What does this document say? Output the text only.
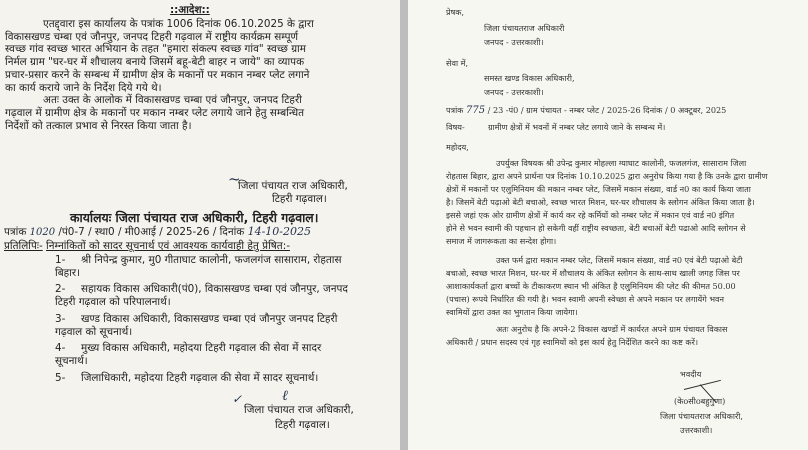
::आदेश::
एतद्द्वारा इस कार्यालय के पत्रांक 1006 दिनांक 06.10.2025 के द्वारा
विकासखण्ड चम्बा एवं जौनपुर, जनपद टिहरी गढ़वाल में राष्ट्रीय कार्यक्रम सम्पूर्ण
स्वच्छ गांव स्वच्छ भारत अभियान के तहत "हमारा संकल्प स्वच्छ गांव" स्वच्छ ग्राम
निर्मल ग्राम "घर-घर में शौचालय बनाये जिसमें बहू-बेटी बाहर न जाये" का व्यापक
प्रचार-प्रसार करने के सम्बन्ध में ग्रामीण क्षेत्र के मकानों पर मकान नम्बर प्लेट लगाने
का कार्य कराये जाने के निर्देश दिये गये थे।
अतः उक्त के आलोक में विकासखण्ड चम्बा एवं जौनपुर, जनपद टिहरी
गढ़वाल में ग्रामीण क्षेत्र के मकानों पर मकान नम्बर प्लेट लगाये जाने हेतु सम्बन्धित
निर्देशों को तत्काल प्रभाव से निरस्त किया जाता है।
~
जिला पंचायत राज अधिकारी,
टिहरी गढ़वाल।
कार्यालयः जिला पंचायत राज अधिकारी, टिहरी गढ़वाल।
पत्रांक 1020 /पं0-7 / स्था0 / मी0आई / 2025-26 / दिनांक 14-10-2025
प्रतिलिपिः- निम्नांकितों को सादर सूचनार्थ एवं आवश्यक कार्यवाही हेतु प्रेषित:-
1- श्री निपेन्द्र कुमार, मु0 गीताघाट कालोनी, फजलगंज सासाराम, रोहतास
बिहार।
2- सहायक विकास अधिकारी(पं0), विकासखण्ड चम्बा एवं जौनपुर, जनपद
टिहरी गढ़वाल को परिपालनार्थ।
3- खण्ड विकास अधिकारी, विकासखण्ड चम्बा एवं जौनपुर जनपद टिहरी
गढ़वाल को सूचनार्थ।
4- मुख्य विकास अधिकारी, महोदया टिहरी गढ़वाल की सेवा में सादर
सूचनार्थ।
5- जिलाधिकारी, महोदया टिहरी गढ़वाल की सेवा में सादर सूचनार्थ।
✓	ℓ
जिला पंचायत राज अधिकारी,
टिहरी गढ़वाल।
प्रेषक,
जिला पंचायतराज अधिकारी
जनपद - उत्तरकाशी।
सेवा में,
समस्त खण्ड विकास अधिकारी,
जनपद - उत्तरकाशी।
पत्रांक 775 / 23 -पं0 / ग्राम पंचायत - नम्बर प्लेट / 2025-26 दिनांक / 0 अक्टूबर, 2025
विषय-	ग्रामीण क्षेत्रों में भवनों में नम्बर प्लेट लगाये जाने के सम्बन्ध में।
महोदय,
उपर्युक्त विषयक श्री उपेन्द्र कुमार मोहल्ला ग्याघाट कालोनी, फजलगंज, सासाराम जिला
रोहतास बिहार, द्वारा अपने प्रार्थना पत्र दिनांक 10.10.2025 द्वारा अनुरोध किया गया है कि उनके द्वारा ग्रामीण
क्षेत्रों में मकानों पर एलुमिनियम की मकान नम्बर प्लेट, जिसमें मकान संख्या, वार्ड न0 का कार्य किया जाता
है। जिसमें बेटी पढ़ाओ बेटी बचाओ, स्वच्छ भारत मिशन, घर-घर शौचालय के स्लोगन अंकित किया जाता है।
इससे जहां एक ओर ग्रामीण क्षेत्रों में कार्य कर रहे कर्मियों को नम्बर प्लेट में मकान एवं वार्ड न0 इंगित
होने से भवन स्वामी की पहचान हो सकेगी वहीं राष्ट्रीय स्वच्छता, बेटी बचाओं बेटी पढाओ आदि स्लोगन से
समाज में जागरूकता का सन्देश होगा।
उक्त फर्म द्वारा मकान नम्बर प्लेट, जिसमें मकान संख्या, वार्ड न0 एवं बेटी पढ़ाओ बेटी
बचाओ, स्वच्छ भारत मिशन, घर-घर में शौचालय के अंकित स्लोगन के साथ-साथ खाली जगह जिस पर
आशाकार्यकर्ता द्वारा बच्चों के टीकाकरण स्थान भी अंकित है एलुमिनियम की प्लेट की कीमत 50.00
(पचास) रूपये निर्धारित की गयी है। भवन स्वामी अपनी स्वेच्छा से अपने मकान पर लगायेंगे भवन
स्वामियों द्वारा उक्त का भुगतान किया जायेगा।
अतः अनुरोध है कि अपने-2 विकास खण्डों में कार्यरत अपने ग्राम पंचायत विकास
अधिकारी / प्रधान सदस्य एवं गृह स्वामियों को इस कार्य हेतु निर्देशित करने का कष्ट करें।
भवदीय
(केoसीoबहुगुणा)
जिला पंचायतराज अधिकारी,
उत्तरकाशी।
